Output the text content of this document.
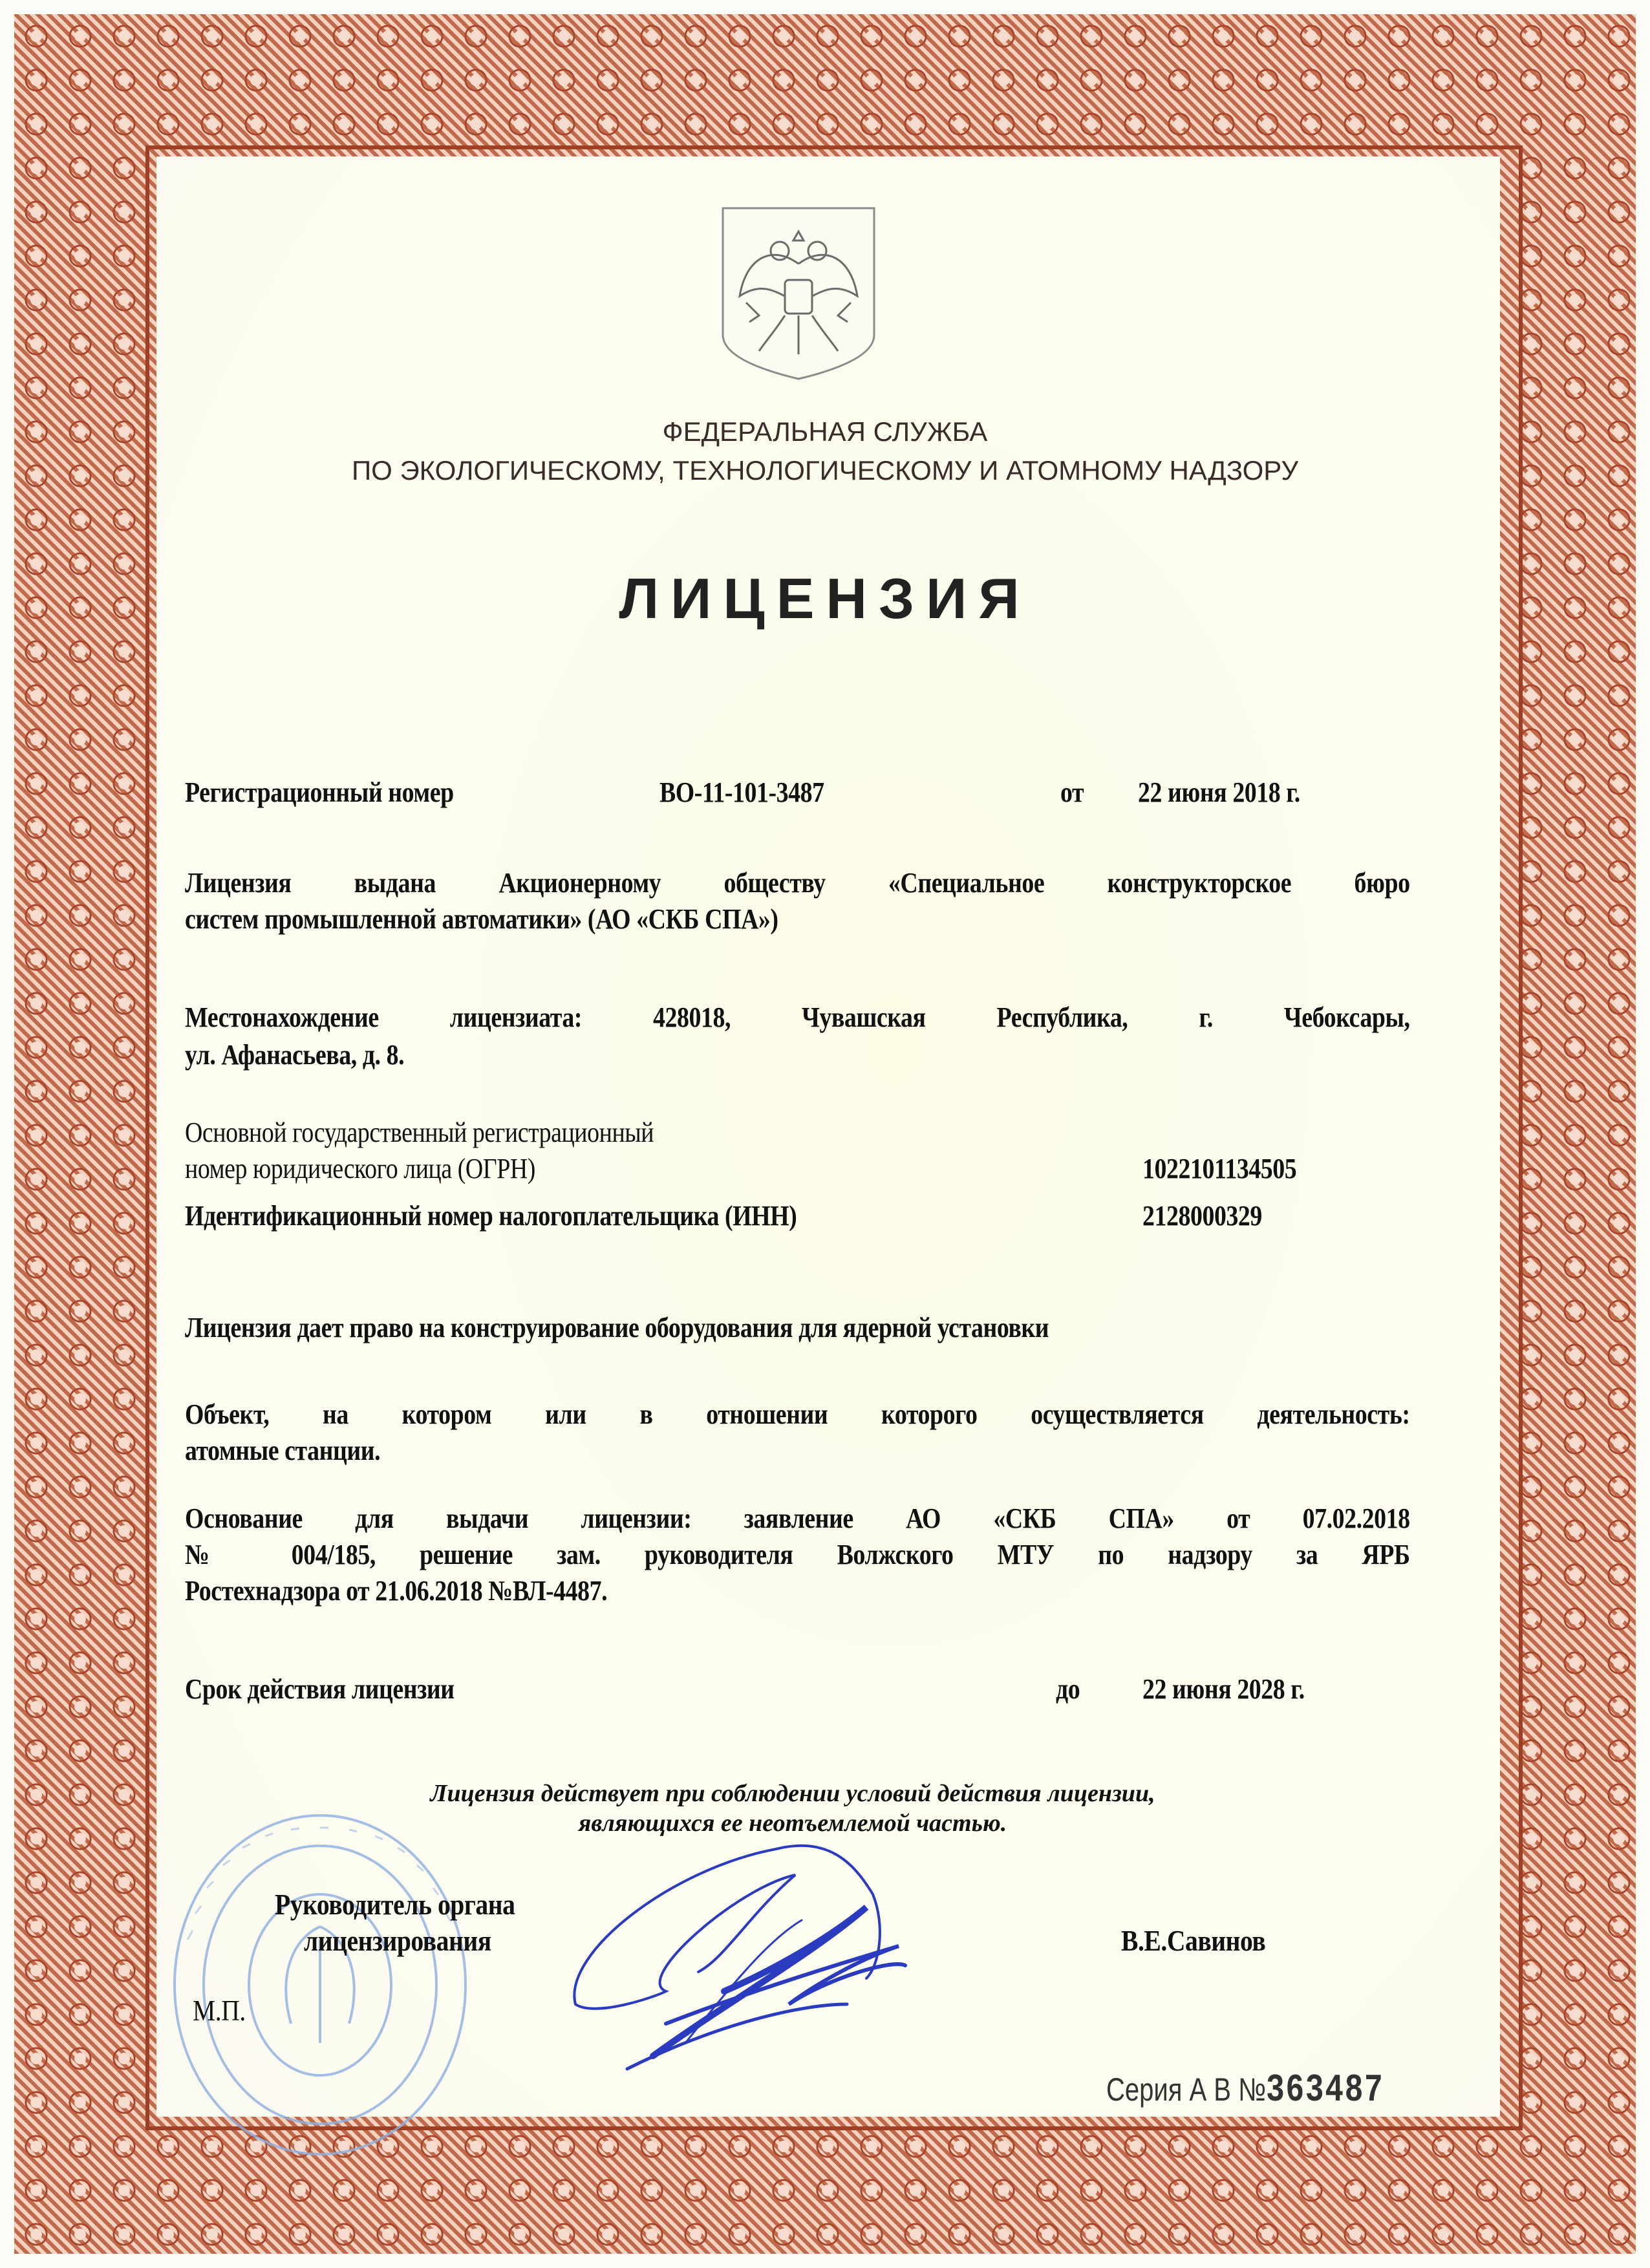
ФЕДЕРАЛЬНАЯ СЛУЖБА
ПО ЭКОЛОГИЧЕСКОМУ, ТЕХНОЛОГИЧЕСКОМУ И АТОМНОМУ НАДЗОРУ
ЛИЦЕНЗИЯ
Регистрационный номер	ВО-11-101-3487	от 22 июня 2018 г.
Лицензия выдана Акционерному обществу «Специальное конструкторское бюро
систем промышленной автоматики» (АО «СКБ СПА»)
Местонахождение лицензиата: 428018, Чувашская Республика, г. Чебоксары,
ул. Афанасьева, д. 8.
Основной государственный регистрационный
номер юридического лица (ОГРН)	1022101134505
Идентификационный номер налогоплательщика (ИНН)	2128000329
Лицензия дает право на конструирование оборудования для ядерной установки
Объект, на котором или в отношении которого осуществляется деятельность:
атомные станции.
Основание для выдачи лицензии: заявление АО «СКБ СПА» от 07.02.2018
№ 004/185, решение зам. руководителя Волжского МТУ по надзору за ЯРБ
Ростехнадзора от 21.06.2018 №ВЛ-4487.
Срок действия лицензии	до 22 июня 2028 г.
Лицензия действует при соблюдении условий действия лицензии,
являющихся ее неотъемлемой частью.
Руководитель органа
лицензирования	В.Е.Савинов
М.П.
Серия А В №363487
